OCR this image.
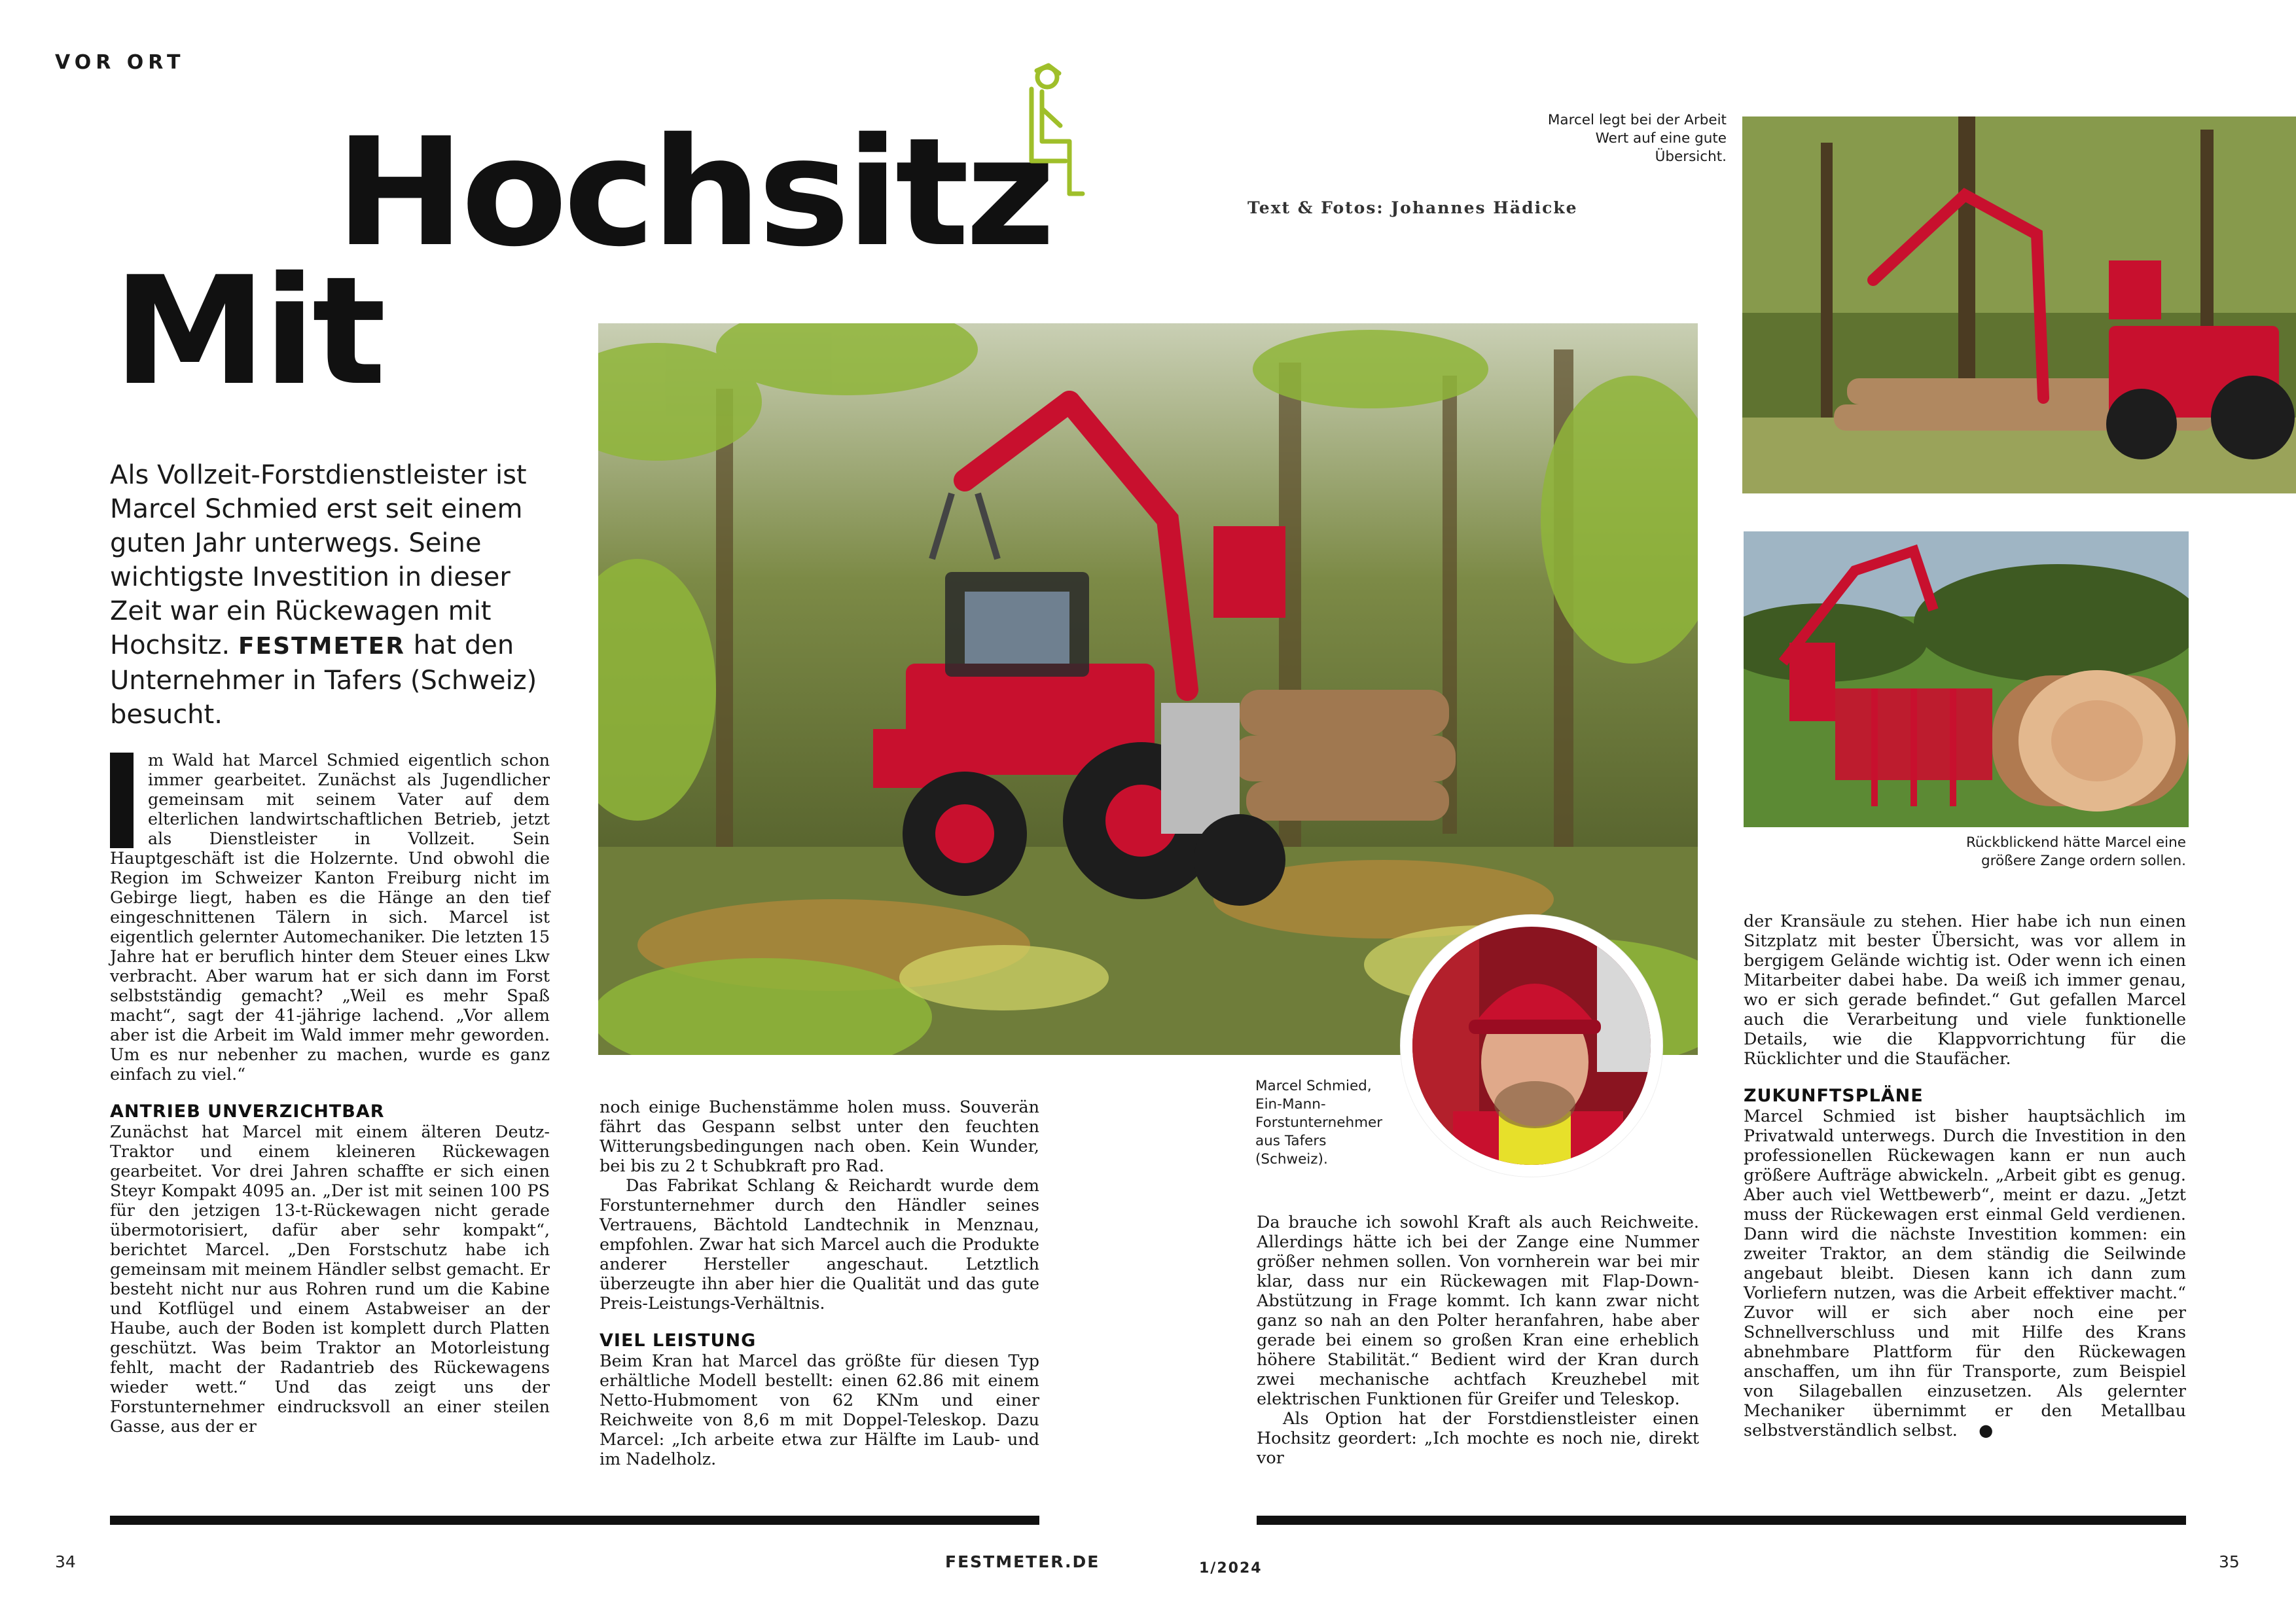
VOR ORT
Hochsitz
Mit
Text & Fotos: Johannes Hädicke
Als Vollzeit-Forstdienstleister ist Marcel Schmied erst seit einem guten Jahr unterwegs. Seine wichtigste Investition in dieser Zeit war ein Rückewagen mit Hochsitz. FESTMETER hat den Unternehmer in Tafers (Schweiz) besucht.

m Wald hat Marcel Schmied eigentlich schon immer gearbeitet. Zunächst als Jugendlicher gemeinsam mit seinem Vater auf dem elterlichen landwirtschaftlichen Betrieb, jetzt als Dienstleister in Vollzeit. Sein Hauptgeschäft ist die Holzernte. Und obwohl die Region im Schweizer Kanton Freiburg nicht im Gebirge liegt, haben es die Hänge an den tief eingeschnittenen Tälern in sich. Marcel ist eigentlich gelernter Automechaniker. Die letzten 15 Jahre hat er beruflich hinter dem Steuer eines Lkw verbracht. Aber warum hat er sich dann im Forst selbstständig gemacht? „Weil es mehr Spaß macht“, sagt der 41-jährige lachend. „Vor allem aber ist die Arbeit im Wald immer mehr geworden. Um es nur nebenher zu machen, wurde es ganz einfach zu viel.“

ANTRIEB UNVERZICHTBAR

Zunächst hat Marcel mit einem älteren Deutz-Traktor und einem kleineren Rückewagen gearbeitet. Vor drei Jahren schaffte er sich einen Steyr Kompakt 4095 an. „Der ist mit seinen 100 PS für den jetzigen 13-t-Rückewagen nicht gerade übermotorisiert, dafür aber sehr kompakt“, berichtet Marcel. „Den Forstschutz habe ich gemeinsam mit meinem Händler selbst gemacht. Er besteht nicht nur aus Rohren rund um die Kabine und Kotflügel und einem Astabweiser an der Haube, auch der Boden ist komplett durch Platten geschützt. Was beim Traktor an Motorleistung fehlt, macht der Radantrieb des Rückewagens wieder wett.“ Und das zeigt uns der Forstunternehmer eindrucksvoll an einer steilen Gasse, aus der er

noch einige Buchenstämme holen muss. Souverän fährt das Gespann selbst unter den feuchten Witterungsbedingungen nach oben. Kein Wunder, bei bis zu 2 t Schubkraft pro Rad.

Das Fabrikat Schlang & Reichardt wurde dem Forstunternehmer durch den Händler seines Vertrauens, Bächtold Landtechnik in Menznau, empfohlen. Zwar hat sich Marcel auch die Produkte anderer Hersteller angeschaut. Letztlich überzeugte ihn aber hier die Qualität und das gute Preis-Leistungs-Verhältnis.

VIEL LEISTUNG

Beim Kran hat Marcel das größte für diesen Typ erhältliche Modell bestellt: einen 62.86 mit einem Netto-Hubmoment von 62 KNm und einer Reichweite von 8,6 m mit Doppel-Teleskop. Dazu Marcel: „Ich arbeite etwa zur Hälfte im Laub- und im Nadelholz.

Da brauche ich sowohl Kraft als auch Reichweite. Allerdings hätte ich bei der Zange eine Nummer größer nehmen sollen. Von vornherein war bei mir klar, dass nur ein Rückewagen mit Flap-Down-Abstützung in Frage kommt. Ich kann zwar nicht ganz so nah an den Polter heranfahren, habe aber gerade bei einem so großen Kran eine erheblich höhere Stabilität.“ Bedient wird der Kran durch zwei mechanische achtfach Kreuzhebel mit elektrischen Funktionen für Greifer und Teleskop.

Als Option hat der Forstdienstleister einen Hochsitz geordert: „Ich mochte es noch nie, direkt vor

der Kransäule zu stehen. Hier habe ich nun einen Sitzplatz mit bester Übersicht, was vor allem in bergigem Gelände wichtig ist. Oder wenn ich einen Mitarbeiter dabei habe. Da weiß ich immer genau, wo er sich gerade befindet.“ Gut gefallen Marcel auch die Verarbeitung und viele funktionelle Details, wie die Klappvorrichtung für die Rücklichter und die Staufächer.

ZUKUNFTSPLÄNE

Marcel Schmied ist bisher hauptsächlich im Privatwald unterwegs. Durch die Investition in den professionellen Rückewagen kann er nun auch größere Aufträge abwickeln. „Arbeit gibt es genug. Aber auch viel Wettbewerb“, meint er dazu. „Jetzt muss der Rückewagen erst einmal Geld verdienen. Dann wird die nächste Investition kommen: ein zweiter Traktor, an dem ständig die Seilwinde angebaut bleibt. Diesen kann ich dann zum Vorliefern nutzen, was die Arbeit effektiver macht.“ Zuvor will er sich aber noch eine per Schnellverschluss und mit Hilfe des Krans abnehmbare Plattform für den Rückewagen anschaffen, um ihn für Transporte, zum Beispiel von Silageballen einzusetzen. Als gelernter Mechaniker übernimmt er den Metallbau selbstverständlich selbst. ●

Marcel legt bei der Arbeit Wert auf eine gute Übersicht.
Rückblickend hätte Marcel eine größere Zange ordern sollen.
Marcel Schmied, Ein-Mann-Forstunternehmer aus Tafers (Schweiz).
34	FESTMETER.DE	1/2024	35
